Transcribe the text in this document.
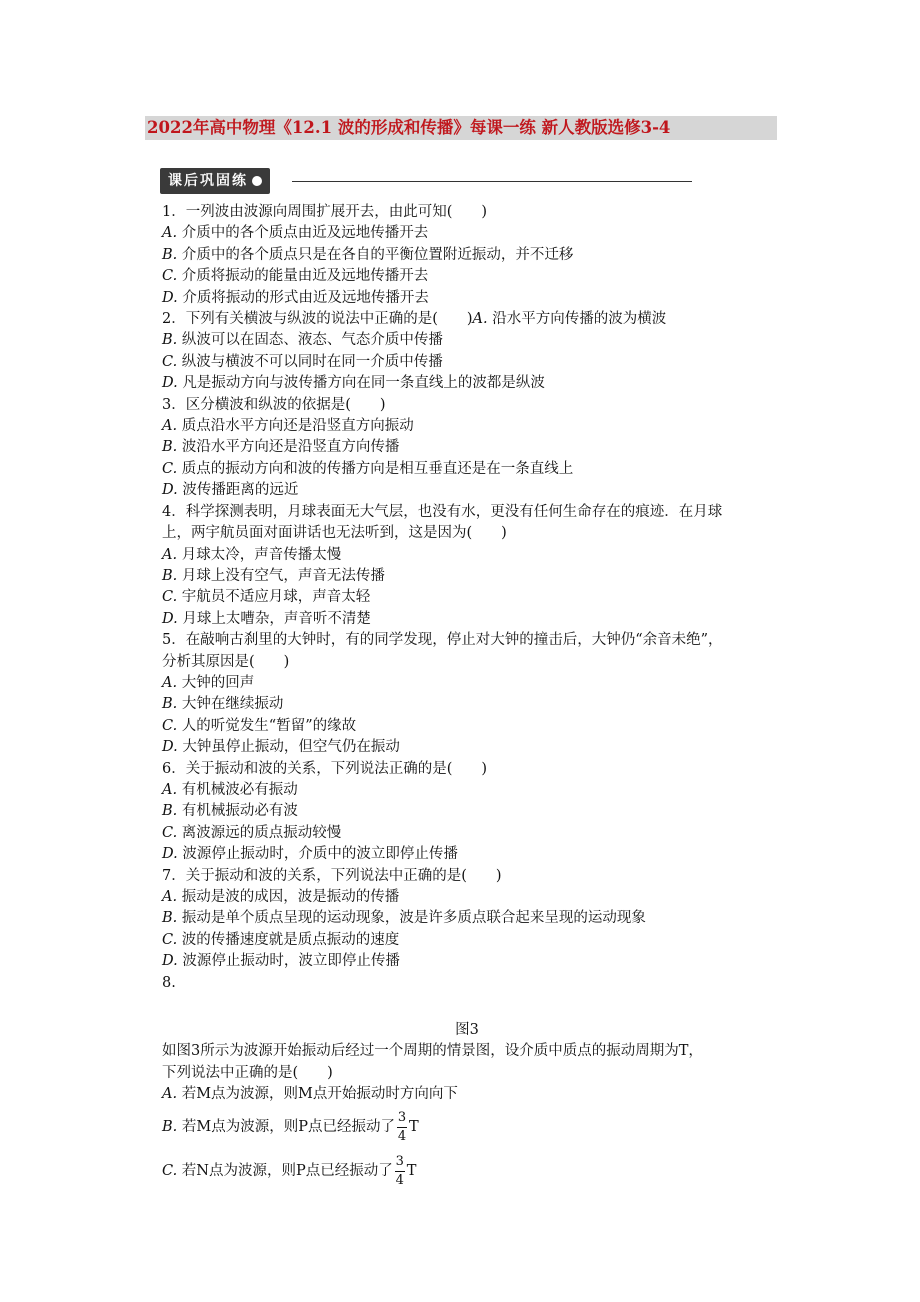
2022年高中物理《12.1 波的形成和传播》每课一练 新人教版选修3-4
课后巩固练

1．一列波由波源向周围扩展开去，由此可知(　　)

A. 介质中的各个质点由近及远地传播开去

B. 介质中的各个质点只是在各自的平衡位置附近振动，并不迁移

C. 介质将振动的能量由近及远地传播开去

D. 介质将振动的形式由近及远地传播开去

2．下列有关横波与纵波的说法中正确的是(　　)A. 沿水平方向传播的波为横波

B. 纵波可以在固态、液态、气态介质中传播

C. 纵波与横波不可以同时在同一介质中传播

D. 凡是振动方向与波传播方向在同一条直线上的波都是纵波

3．区分横波和纵波的依据是(　　)

A. 质点沿水平方向还是沿竖直方向振动

B. 波沿水平方向还是沿竖直方向传播

C. 质点的振动方向和波的传播方向是相互垂直还是在一条直线上

D. 波传播距离的远近

4．科学探测表明，月球表面无大气层，也没有水，更没有任何生命存在的痕迹．在月球

上，两宇航员面对面讲话也无法听到，这是因为(　　)

A. 月球太冷，声音传播太慢

B. 月球上没有空气，声音无法传播

C. 宇航员不适应月球，声音太轻

D. 月球上太嘈杂，声音听不清楚

5．在敲响古刹里的大钟时，有的同学发现，停止对大钟的撞击后，大钟仍“余音未绝”，

分析其原因是(　　)

A. 大钟的回声

B. 大钟在继续振动

C. 人的听觉发生“暂留”的缘故

D. 大钟虽停止振动，但空气仍在振动

6．关于振动和波的关系，下列说法正确的是(　　)

A. 有机械波必有振动

B. 有机械振动必有波

C. 离波源远的质点振动较慢

D. 波源停止振动时，介质中的波立即停止传播

7．关于振动和波的关系，下列说法中正确的是(　　)

A. 振动是波的成因，波是振动的传播

B. 振动是单个质点呈现的运动现象，波是许多质点联合起来呈现的运动现象

C. 波的传播速度就是质点振动的速度

D. 波源停止振动时，波立即停止传播

8.

图3

如图3所示为波源开始振动后经过一个周期的情景图，设介质中质点的振动周期为T，

下列说法中正确的是(　　)

A. 若M点为波源，则M点开始振动时方向向下

B.
若M点为波源，则P点已经振动了 $\frac{3}{4}$ T
C.
若N点为波源，则P点已经振动了 $\frac{3}{4}$ T
